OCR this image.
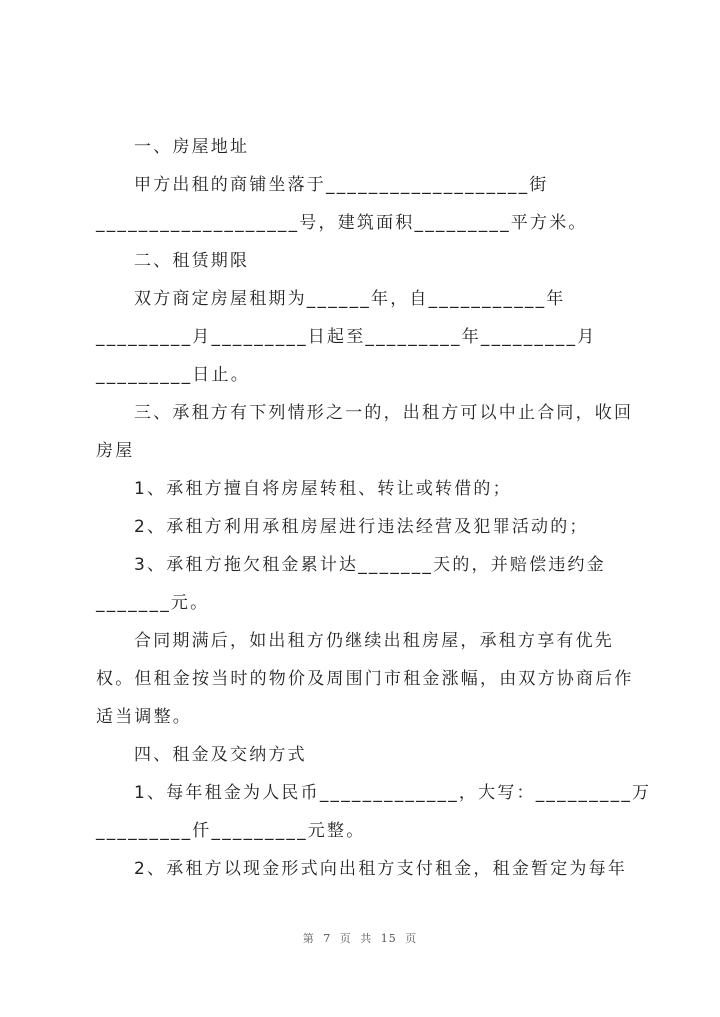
一、房屋地址
甲方出租的商铺坐落于___________________街
___________________号，建筑面积_________平方米。
二、租赁期限
双方商定房屋租期为______年，自___________年
_________月_________日起至_________年_________月
_________日止。
三、承租方有下列情形之一的，出租方可以中止合同，收回
房屋
1、承租方擅自将房屋转租、转让或转借的；
2、承租方利用承租房屋进行违法经营及犯罪活动的；
3、承租方拖欠租金累计达_______天的，并赔偿违约金
_______元。
合同期满后，如出租方仍继续出租房屋，承租方享有优先
权。但租金按当时的物价及周围门市租金涨幅，由双方协商后作
适当调整。
四、租金及交纳方式
1、每年租金为人民币_____________，大写：_________万
_________仟_________元整。
2、承租方以现金形式向出租方支付租金，租金暂定为每年
第 7 页 共 15 页
